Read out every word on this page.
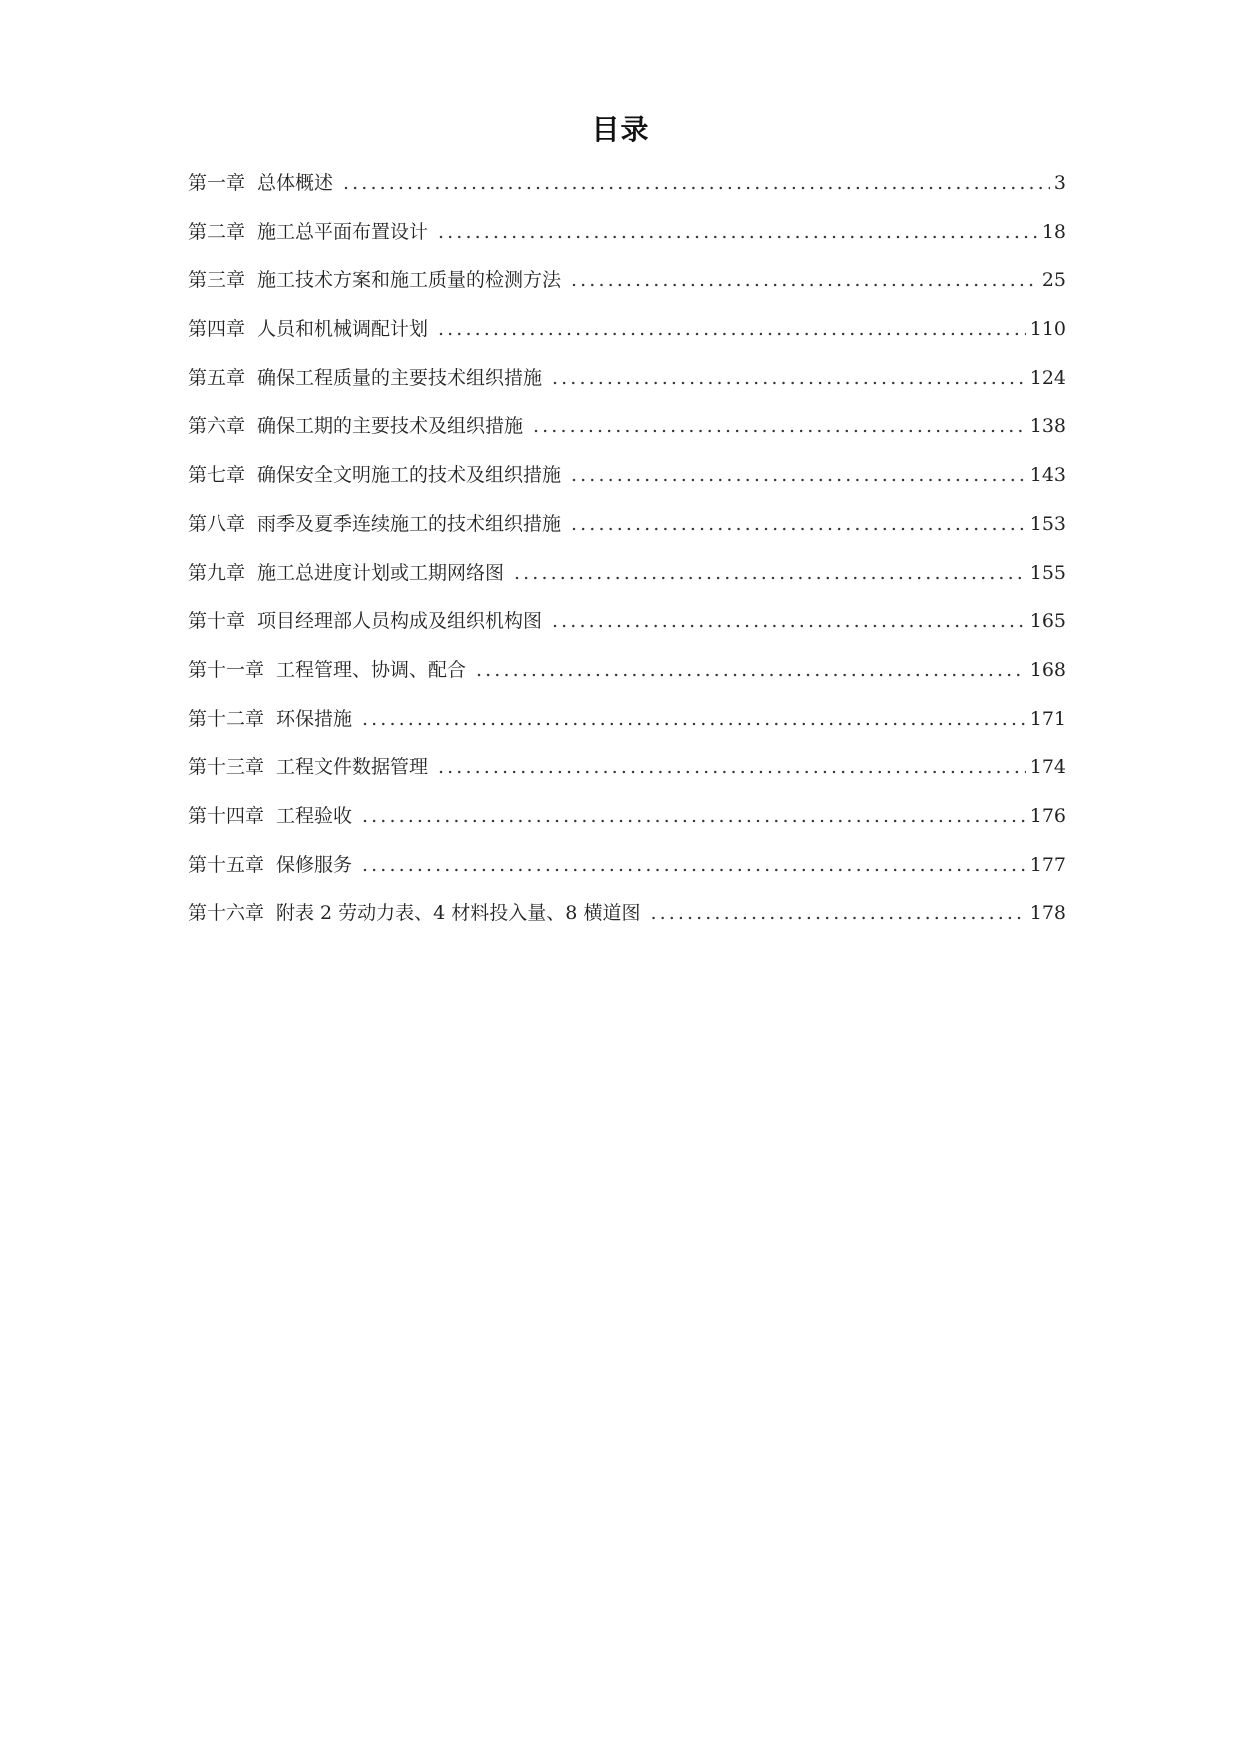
目录
第一章 总体概述 .....	3
第二章 施工总平面布置设计 .....	18
第三章 施工技术方案和施工质量的检测方法 .....	25
第四章 人员和机械调配计划 .....	110
第五章 确保工程质量的主要技术组织措施 .....	124
第六章 确保工期的主要技术及组织措施 .....	138
第七章 确保安全文明施工的技术及组织措施 .....	143
第八章 雨季及夏季连续施工的技术组织措施 .....	153
第九章 施工总进度计划或工期网络图 .....	155
第十章 项目经理部人员构成及组织机构图 .....	165
第十一章 工程管理、协调、配合 .....	168
第十二章 环保措施 .....	171
第十三章 工程文件数据管理 .....	174
第十四章 工程验收 .....	176
第十五章 保修服务 .....	177
第十六章 附表 2 劳动力表、4 材料投入量、8 横道图 .....	178
